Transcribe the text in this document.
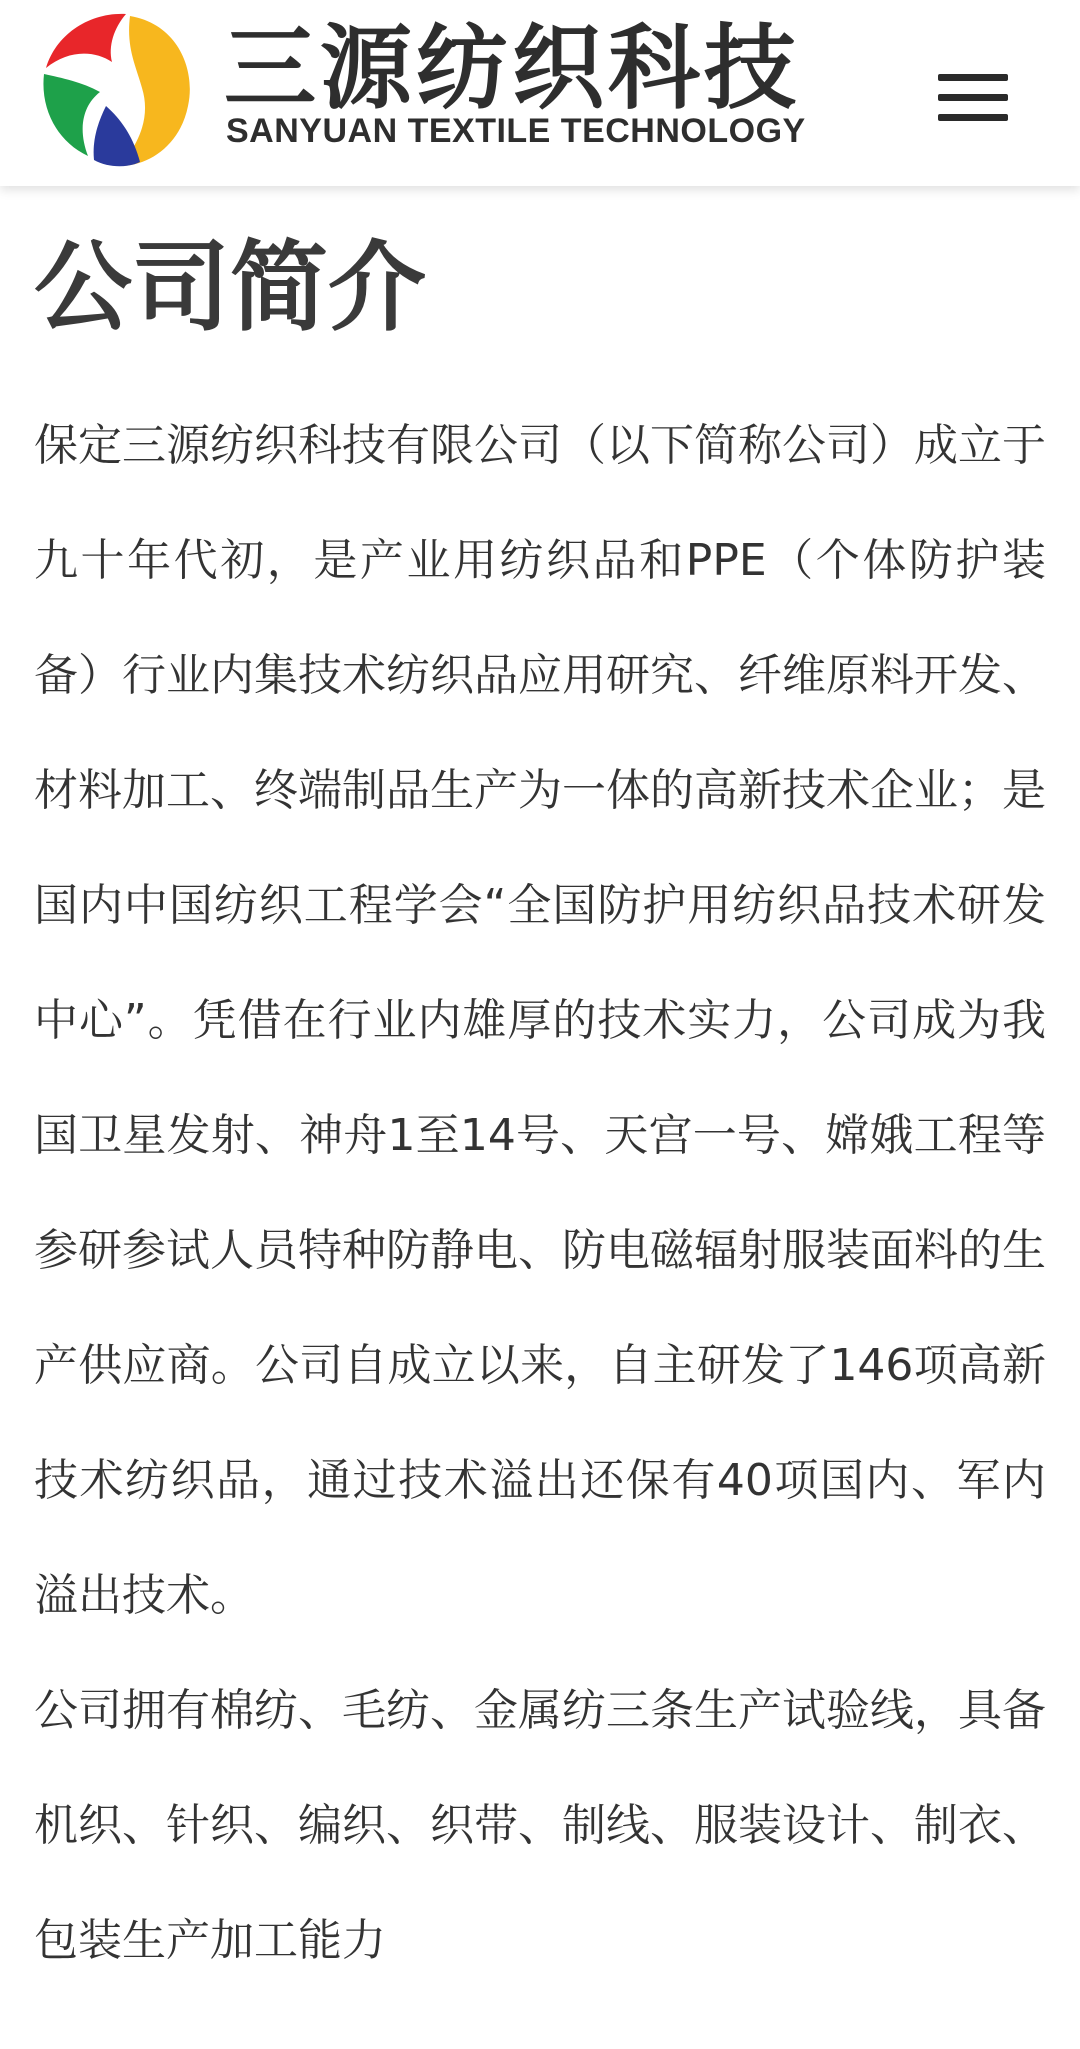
三源纺织科技
SANYUAN TEXTILE TECHNOLOGY
公司简介

保定三源纺织科技有限公司（以下简称公司）成立于九十年代初，是产业用纺织品和PPE（个体防护装备）行业内集技术纺织品应用研究、纤维原料开发、材料加工、终端制品生产为一体的高新技术企业；是国内中国纺织工程学会“全国防护用纺织品技术研发中心”。凭借在行业内雄厚的技术实力，公司成为我国卫星发射、神舟1至14号、天宫一号、嫦娥工程等参研参试人员特种防静电、防电磁辐射服装面料的生产供应商。公司自成立以来，自主研发了146项高新技术纺织品，通过技术溢出还保有40项国内、军内溢出技术。

公司拥有棉纺、毛纺、金属纺三条生产试验线，具备机织、针织、编织、织带、制线、服装设计、制衣、包装生产加工能力
